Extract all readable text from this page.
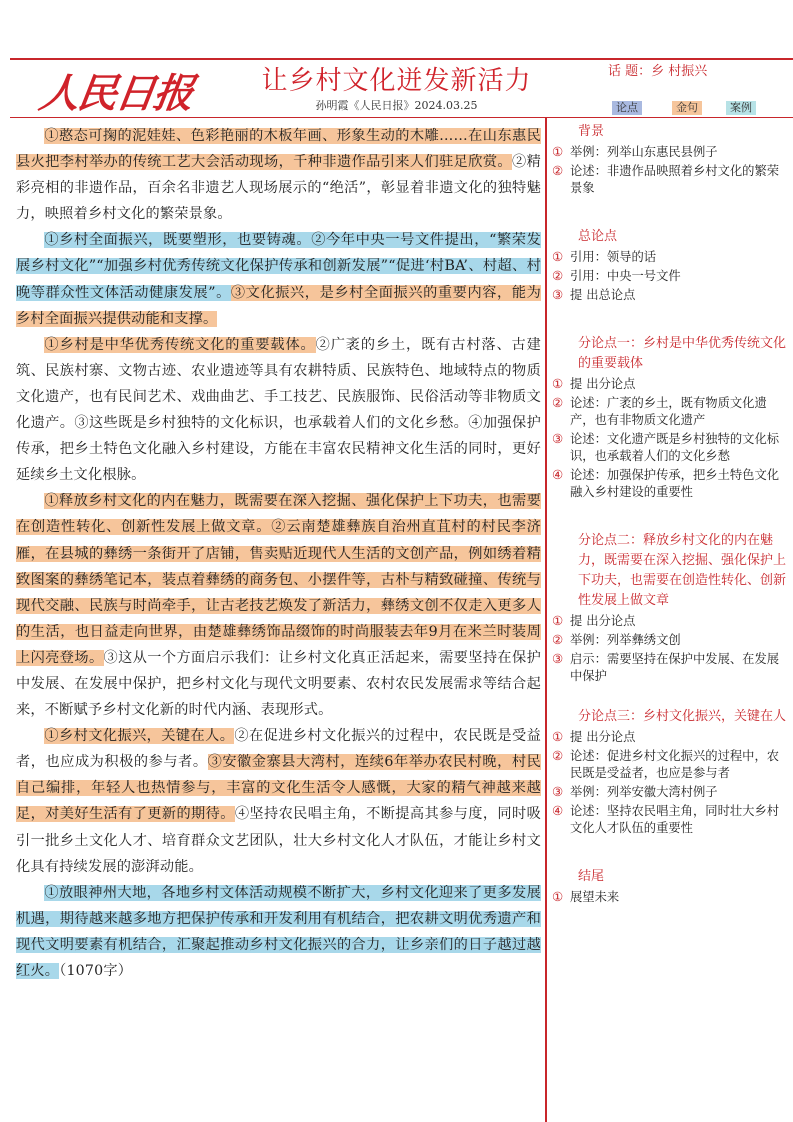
人民日报	让乡村文化迸发新活力	话 题：乡 村振兴
孙明霞《人民日报》2024.03.25	论点	金句	案例

①憨态可掬的泥娃娃、色彩艳丽的木板年画、形象生动的木雕……在山东惠民县火把李村举办的传统工艺大会活动现场，千种非遗作品引来人们驻足欣赏。②精彩亮相的非遗作品，百余名非遗艺人现场展示的“绝活”，彰显着非遗文化的独特魅力，映照着乡村文化的繁荣景象。

①乡村全面振兴，既要塑形，也要铸魂。②今年中央一号文件提出，“繁荣发展乡村文化”“加强乡村优秀传统文化保护传承和创新发展”“促进‘村BA’、村超、村晚等群众性文体活动健康发展”。③文化振兴，是乡村全面振兴的重要内容，能为乡村全面振兴提供动能和支撑。

①乡村是中华优秀传统文化的重要载体。②广袤的乡土，既有古村落、古建筑、民族村寨、文物古迹、农业遗迹等具有农耕特质、民族特色、地域特点的物质文化遗产，也有民间艺术、戏曲曲艺、手工技艺、民族服饰、民俗活动等非物质文化遗产。③这些既是乡村独特的文化标识，也承载着人们的文化乡愁。④加强保护传承，把乡土特色文化融入乡村建设，方能在丰富农民精神文化生活的同时，更好延续乡土文化根脉。

①释放乡村文化的内在魅力，既需要在深入挖掘、强化保护上下功夫，也需要在创造性转化、创新性发展上做文章。②云南楚雄彝族自治州直苴村的村民李济雁，在县城的彝绣一条街开了店铺，售卖贴近现代人生活的文创产品，例如绣着精致图案的彝绣笔记本，装点着彝绣的商务包、小摆件等，古朴与精致碰撞、传统与现代交融、民族与时尚牵手，让古老技艺焕发了新活力，彝绣文创不仅走入更多人的生活，也日益走向世界，由楚雄彝绣饰品缀饰的时尚服装去年9月在米兰时装周上闪亮登场。③这从一个方面启示我们：让乡村文化真正活起来，需要坚持在保护中发展、在发展中保护，把乡村文化与现代文明要素、农村农民发展需求等结合起来，不断赋予乡村文化新的时代内涵、表现形式。

①乡村文化振兴，关键在人。②在促进乡村文化振兴的过程中，农民既是受益者，也应成为积极的参与者。③安徽金寨县大湾村，连续6年举办农民村晚，村民自己编排，年轻人也热情参与，丰富的文化生活令人感慨，大家的精气神越来越足，对美好生活有了更新的期待。④坚持农民唱主角，不断提高其参与度，同时吸引一批乡土文化人才、培育群众文艺团队，壮大乡村文化人才队伍，才能让乡村文化具有持续发展的澎湃动能。

①放眼神州大地，各地乡村文体活动规模不断扩大，乡村文化迎来了更多发展机遇，期待越来越多地方把保护传承和开发利用有机结合，把农耕文明优秀遗产和现代文明要素有机结合，汇聚起推动乡村文化振兴的合力，让乡亲们的日子越过越红火。（1070字）

背景
① 举例：列举山东惠民县例子
② 论述：非遗作品映照着乡村文化的繁荣景象
总论点
① 引用：领导的话
② 引用：中央一号文件
③ 提 出总论点
分论点一：乡村是中华优秀传统文化的重要载体
① 提 出分论点
② 论述：广袤的乡土，既有物质文化遗产，也有非物质文化遗产
③ 论述：文化遗产既是乡村独特的文化标识，也承载着人们的文化乡愁
④ 论述：加强保护传承，把乡土特色文化融入乡村建设的重要性
分论点二：释放乡村文化的内在魅力，既需要在深入挖掘、强化保护上下功夫，也需要在创造性转化、创新性发展上做文章
① 提 出分论点
② 举例：列举彝绣文创
③ 启示：需要坚持在保护中发展、在发展中保护
分论点三：乡村文化振兴，关键在人
① 提 出分论点
② 论述：促进乡村文化振兴的过程中，农民既是受益者，也应是参与者
③ 举例：列举安徽大湾村例子
④ 论述：坚持农民唱主角，同时壮大乡村文化人才队伍的重要性
结尾
① 展望未来
